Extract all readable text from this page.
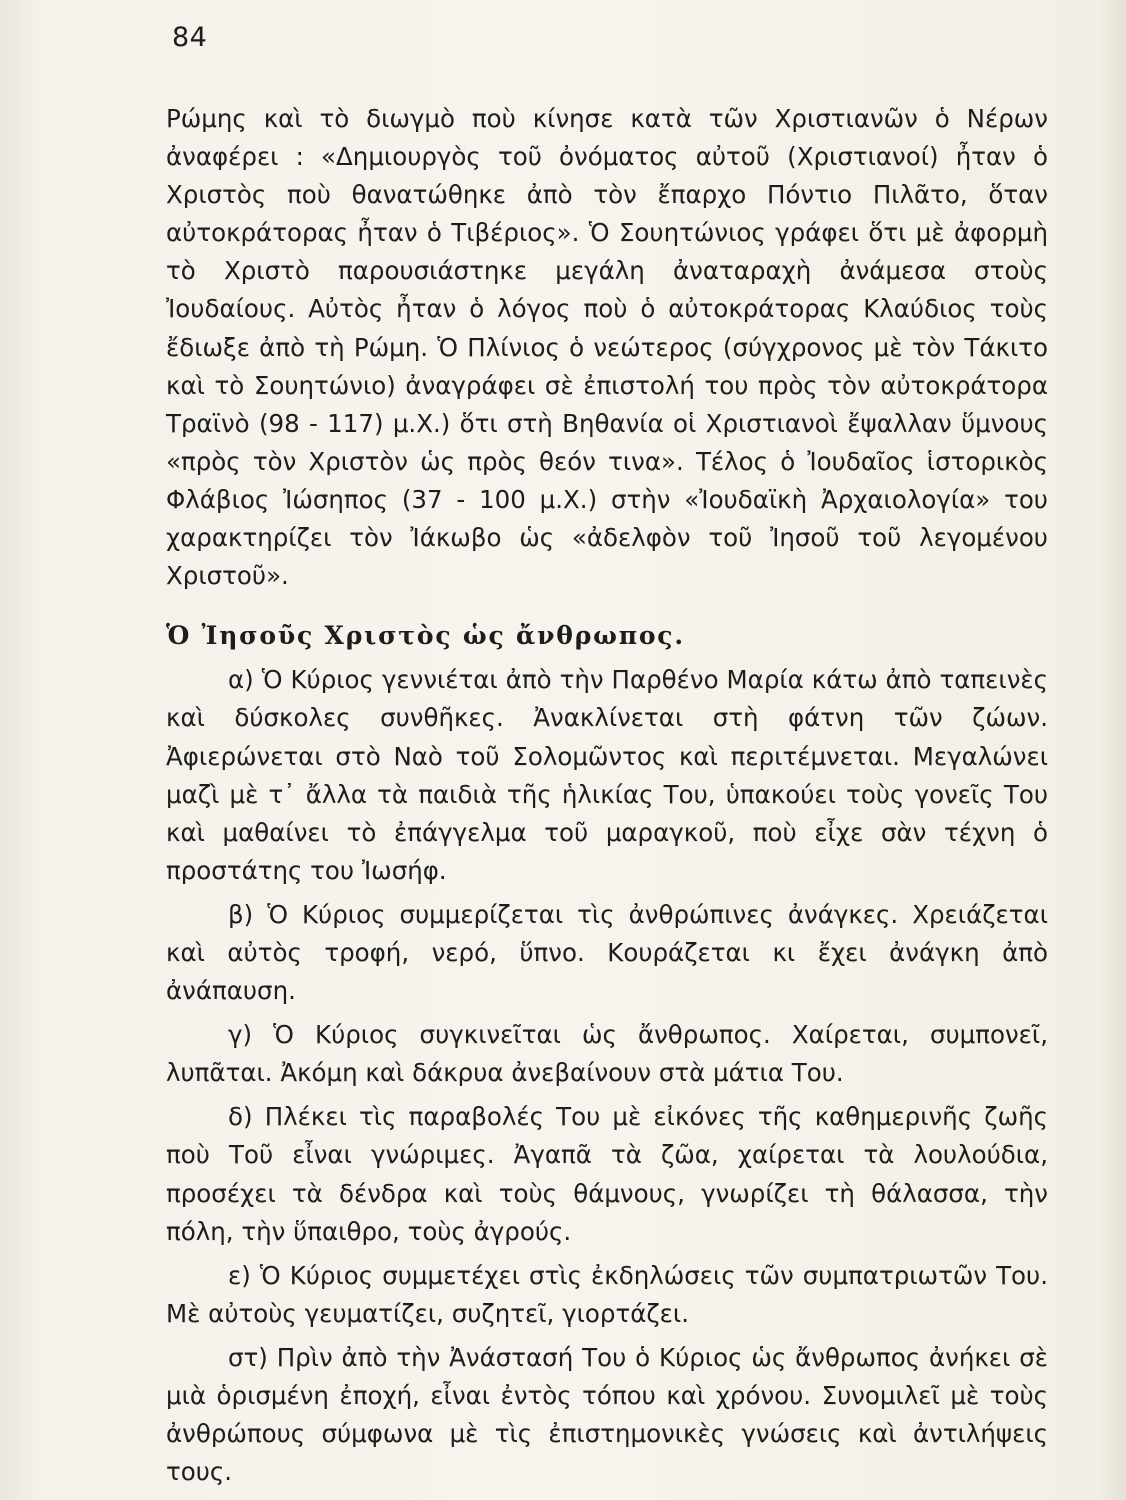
84

Ρώμης καὶ τὸ διωγμὸ ποὺ κίνησε κατὰ τῶν Χριστιανῶν ὁ Νέρων ἀναφέρει : «Δημιουργὸς τοῦ ὀνόματος αὐτοῦ (Χριστιανοί) ἦταν ὁ Χριστὸς ποὺ θανατώθηκε ἀπὸ τὸν ἔπαρχο Πόντιο Πιλᾶτο, ὅταν αὐτοκράτορας ἦταν ὁ Τιβέριος». Ὁ Σουητώνιος γράφει ὅτι μὲ ἀφορμὴ τὸ Χριστὸ παρουσιάστηκε μεγάλη ἀναταραχὴ ἀνάμεσα στοὺς Ἰουδαίους. Αὐτὸς ἦταν ὁ λόγος ποὺ ὁ αὐτοκράτορας Κλαύδιος τοὺς ἔδιωξε ἀπὸ τὴ Ρώμη. Ὁ Πλίνιος ὁ νεώτερος (σύγχρονος μὲ τὸν Τάκιτο καὶ τὸ Σουητώνιο) ἀναγράφει σὲ ἐπιστολή του πρὸς τὸν αὐτοκράτορα Τραϊνὸ (98 - 117) μ.Χ.) ὅτι στὴ Βηθανία οἱ Χριστιανοὶ ἔψαλλαν ὕμνους «πρὸς τὸν Χριστὸν ὡς πρὸς θεόν τινα». Τέλος ὁ Ἰουδαῖος ἱστορικὸς Φλάβιος Ἰώσηπος (37 - 100 μ.Χ.) στὴν «Ἰουδαϊκὴ Ἀρχαιολογία» του χαρακτηρίζει τὸν Ἰάκωβο ὡς «ἀδελφὸν τοῦ Ἰησοῦ τοῦ λεγομένου Χριστοῦ».

Ὁ Ἰησοῦς Χριστὸς ὡς ἄνθρωπος.

α) Ὁ Κύριος γεννιέται ἀπὸ τὴν Παρθένο Μαρία κάτω ἀπὸ ταπεινὲς καὶ δύσκολες συνθῆκες. Ἀνακλίνεται στὴ φάτνη τῶν ζώων. Ἀφιερώνεται στὸ Ναὸ τοῦ Σολομῶντος καὶ περιτέμνεται. Μεγαλώνει μαζὶ μὲ τ᾽ ἄλλα τὰ παιδιὰ τῆς ἡλικίας Του, ὑπακούει τοὺς γονεῖς Του καὶ μαθαίνει τὸ ἐπάγγελμα τοῦ μαραγκοῦ, ποὺ εἶχε σὰν τέχνη ὁ προστάτης του Ἰωσήφ.

β) Ὁ Κύριος συμμερίζεται τὶς ἀνθρώπινες ἀνάγκες. Χρειάζεται καὶ αὐτὸς τροφή, νερό, ὕπνο. Κουράζεται κι ἔχει ἀνάγκη ἀπὸ ἀνάπαυση.

γ) Ὁ Κύριος συγκινεῖται ὡς ἄνθρωπος. Χαίρεται, συμπονεῖ, λυπᾶται. Ἀκόμη καὶ δάκρυα ἀνεβαίνουν στὰ μάτια Του.

δ) Πλέκει τὶς παραβολές Του μὲ εἰκόνες τῆς καθημερινῆς ζωῆς ποὺ Τοῦ εἶναι γνώριμες. Ἀγαπᾶ τὰ ζῶα, χαίρεται τὰ λουλούδια, προσέχει τὰ δένδρα καὶ τοὺς θάμνους, γνωρίζει τὴ θάλασσα, τὴν πόλη, τὴν ὕπαιθρο, τοὺς ἀγρούς.

ε) Ὁ Κύριος συμμετέχει στὶς ἐκδηλώσεις τῶν συμπατριωτῶν Του. Μὲ αὐτοὺς γευματίζει, συζητεῖ, γιορτάζει.

στ) Πρὶν ἀπὸ τὴν Ἀνάστασή Του ὁ Κύριος ὡς ἄνθρωπος ἀνήκει σὲ μιὰ ὁρισμένη ἐποχή, εἶναι ἐντὸς τόπου καὶ χρόνου. Συνομιλεῖ μὲ τοὺς ἀνθρώπους σύμφωνα μὲ τὶς ἐπιστημονικὲς γνώσεις καὶ ἀντιλήψεις τους.
